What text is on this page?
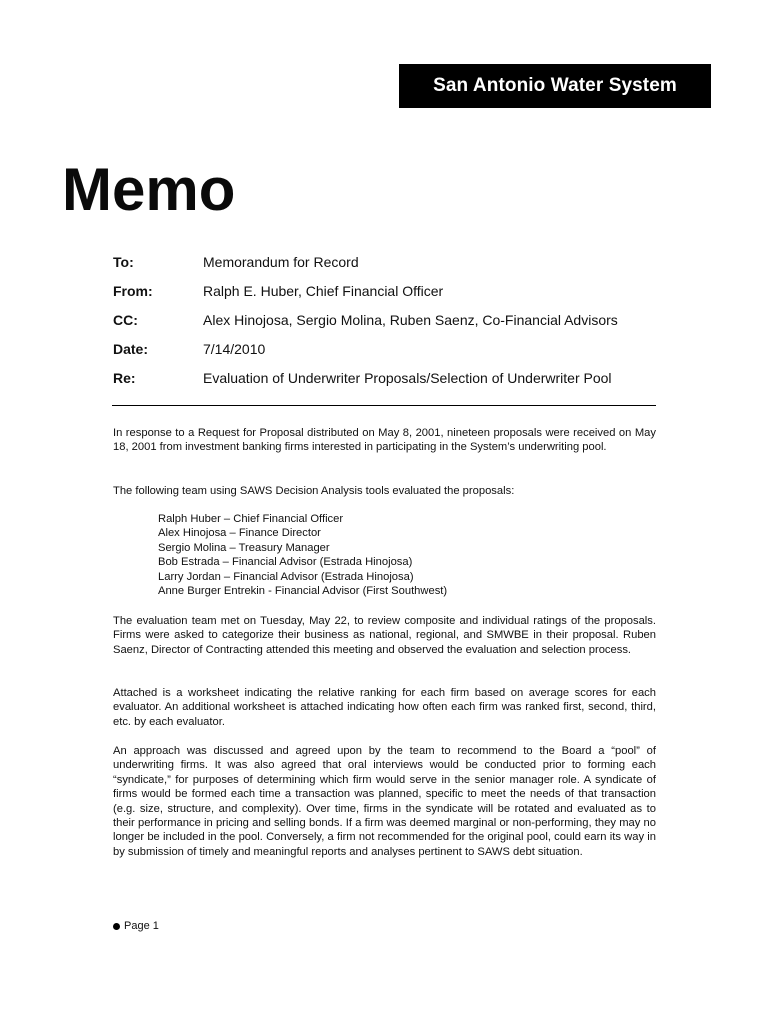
San Antonio Water System
Memo
To:	Memorandum for Record
From:	Ralph E. Huber, Chief Financial Officer
CC:	Alex Hinojosa, Sergio Molina, Ruben Saenz, Co-Financial Advisors
Date:	7/14/2010
Re:	Evaluation of Underwriter Proposals/Selection of Underwriter Pool

In response to a Request for Proposal distributed on May 8, 2001, nineteen proposals were received on May 18, 2001 from investment banking firms interested in participating in the System’s underwriting pool.

The following team using SAWS Decision Analysis tools evaluated the proposals:

Ralph Huber – Chief Financial Officer
Alex Hinojosa – Finance Director
Sergio Molina – Treasury Manager
Bob Estrada – Financial Advisor (Estrada Hinojosa)
Larry Jordan – Financial Advisor (Estrada Hinojosa)
Anne Burger Entrekin - Financial Advisor (First Southwest)

The evaluation team met on Tuesday, May 22, to review composite and individual ratings of the proposals. Firms were asked to categorize their business as national, regional, and SMWBE in their proposal. Ruben Saenz, Director of Contracting attended this meeting and observed the evaluation and selection process.

Attached is a worksheet indicating the relative ranking for each firm based on average scores for each evaluator. An additional worksheet is attached indicating how often each firm was ranked first, second, third, etc. by each evaluator.

An approach was discussed and agreed upon by the team to recommend to the Board a “pool” of underwriting firms. It was also agreed that oral interviews would be conducted prior to forming each “syndicate,” for purposes of determining which firm would serve in the senior manager role. A syndicate of firms would be formed each time a transaction was planned, specific to meet the needs of that transaction (e.g. size, structure, and complexity). Over time, firms in the syndicate will be rotated and evaluated as to their performance in pricing and selling bonds. If a firm was deemed marginal or non-performing, they may no longer be included in the pool. Conversely, a firm not recommended for the original pool, could earn its way in by submission of timely and meaningful reports and analyses pertinent to SAWS debt situation.

Page 1
